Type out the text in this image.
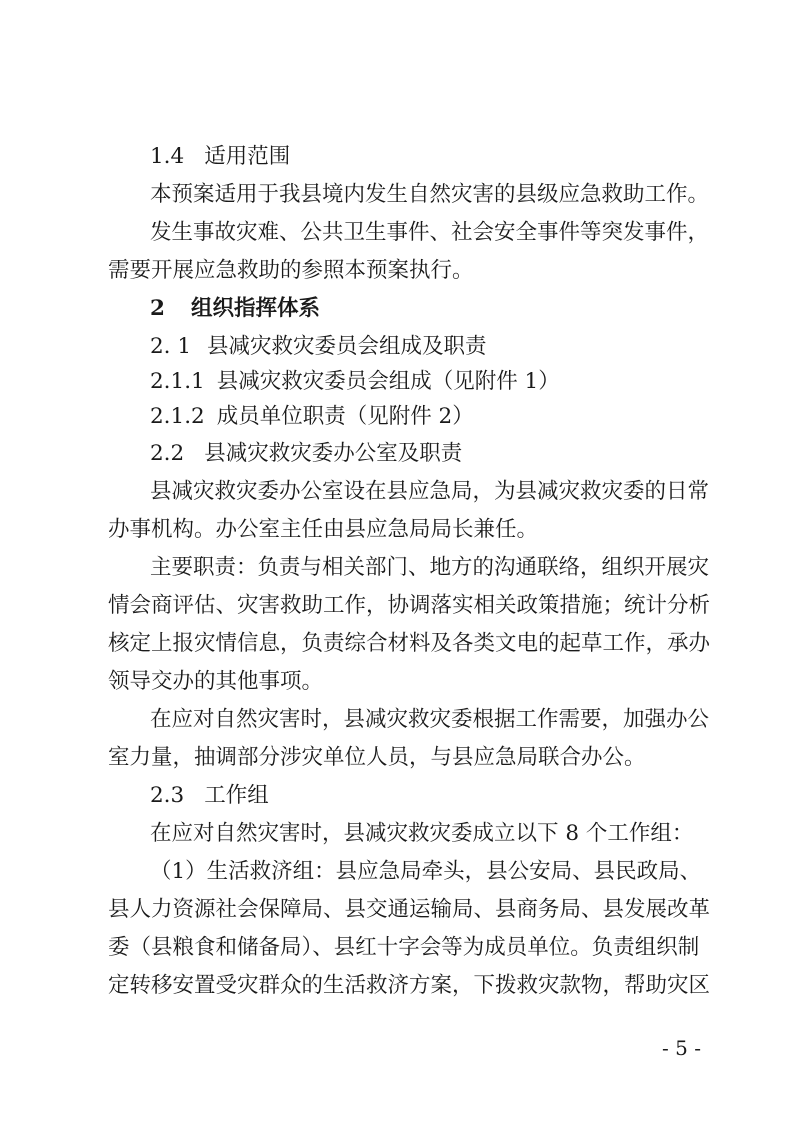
1.4 适用范围
本预案适用于我县境内发生自然灾害的县级应急救助工作。
发生事故灾难、公共卫生事件、社会安全事件等突发事件，
需要开展应急救助的参照本预案执行。
2 组织指挥体系
2. 1 县减灾救灾委员会组成及职责
2.1.1 县减灾救灾委员会组成（见附件 1）
2.1.2 成员单位职责（见附件 2）
2.2 县减灾救灾委办公室及职责
县减灾救灾委办公室设在县应急局，为县减灾救灾委的日常
办事机构。办公室主任由县应急局局长兼任。
主要职责：负责与相关部门、地方的沟通联络，组织开展灾
情会商评估、灾害救助工作，协调落实相关政策措施；统计分析
核定上报灾情信息，负责综合材料及各类文电的起草工作，承办
领导交办的其他事项。
在应对自然灾害时，县减灾救灾委根据工作需要，加强办公
室力量，抽调部分涉灾单位人员，与县应急局联合办公。
2.3 工作组
在应对自然灾害时，县减灾救灾委成立以下 8 个工作组：
（1）生活救济组：县应急局牵头，县公安局、县民政局、
县人力资源社会保障局、县交通运输局、县商务局、县发展改革
委（县粮食和储备局）、县红十字会等为成员单位。负责组织制
定转移安置受灾群众的生活救济方案，下拨救灾款物，帮助灾区
- 5 -
